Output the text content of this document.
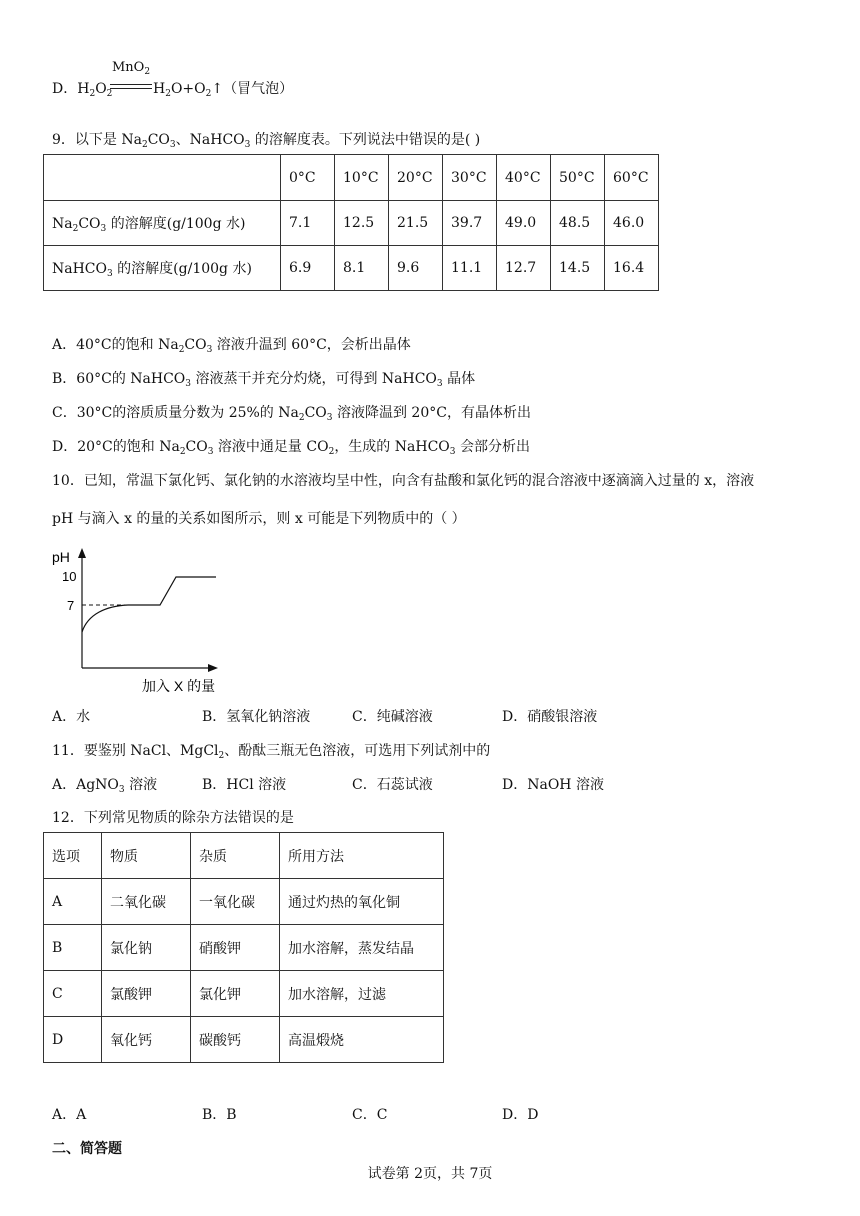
D．$H_2O_2$
MnO$_2$
$H_2O+O_2↑$（冒气泡）
9．以下是 $Na_2CO_3$、NaHCO$_3$ 的溶解度表。下列说法中错误的是( )
	0°C	10°C	20°C	30°C	40°C	50°C	60°C
$Na_2CO_3$ 的溶解度(g/100g 水)	7.1	12.5	21.5	39.7	49.0	48.5	46.0
NaHCO$_3$ 的溶解度(g/100g 水)	6.9	8.1	9.6	11.1	12.7	14.5	16.4
A．40°C的饱和 $Na_2CO_3$ 溶液升温到 60°C，会析出晶体
B．60°C的 NaHCO$_3$ 溶液蒸干并充分灼烧，可得到 NaHCO$_3$ 晶体
C．30°C的溶质质量分数为 25%的 $Na_2CO_3$ 溶液降温到 20°C，有晶体析出
D．20°C的饱和 $Na_2CO_3$ 溶液中通足量 $CO_2$，生成的 NaHCO$_3$ 会部分析出
10．已知，常温下氯化钙、氯化钠的水溶液均呈中性，向含有盐酸和氯化钙的混合溶液中逐滴滴入过量的 x，溶液
pH 与滴入 x 的量的关系如图所示，则 x 可能是下列物质中的（ ）
pH
10
7
加入 X 的量
A．水	B．氢氧化钠溶液	C．纯碱溶液	D．硝酸银溶液
11．要鉴别 NaCl、MgCl$_2$、酚酞三瓶无色溶液，可选用下列试剂中的
A．AgNO$_3$ 溶液	B．HCl 溶液	C．石蕊试液	D．NaOH 溶液
12．下列常见物质的除杂方法错误的是
选项	物质	杂质	所用方法
A	二氧化碳	一氧化碳	通过灼热的氧化铜
B	氯化钠	硝酸钾	加水溶解，蒸发结晶
C	氯酸钾	氯化钾	加水溶解，过滤
D	氧化钙	碳酸钙	高温煅烧
A．A	B．B	C．C	D．D
二、简答题
试卷第 2页，共 7页
